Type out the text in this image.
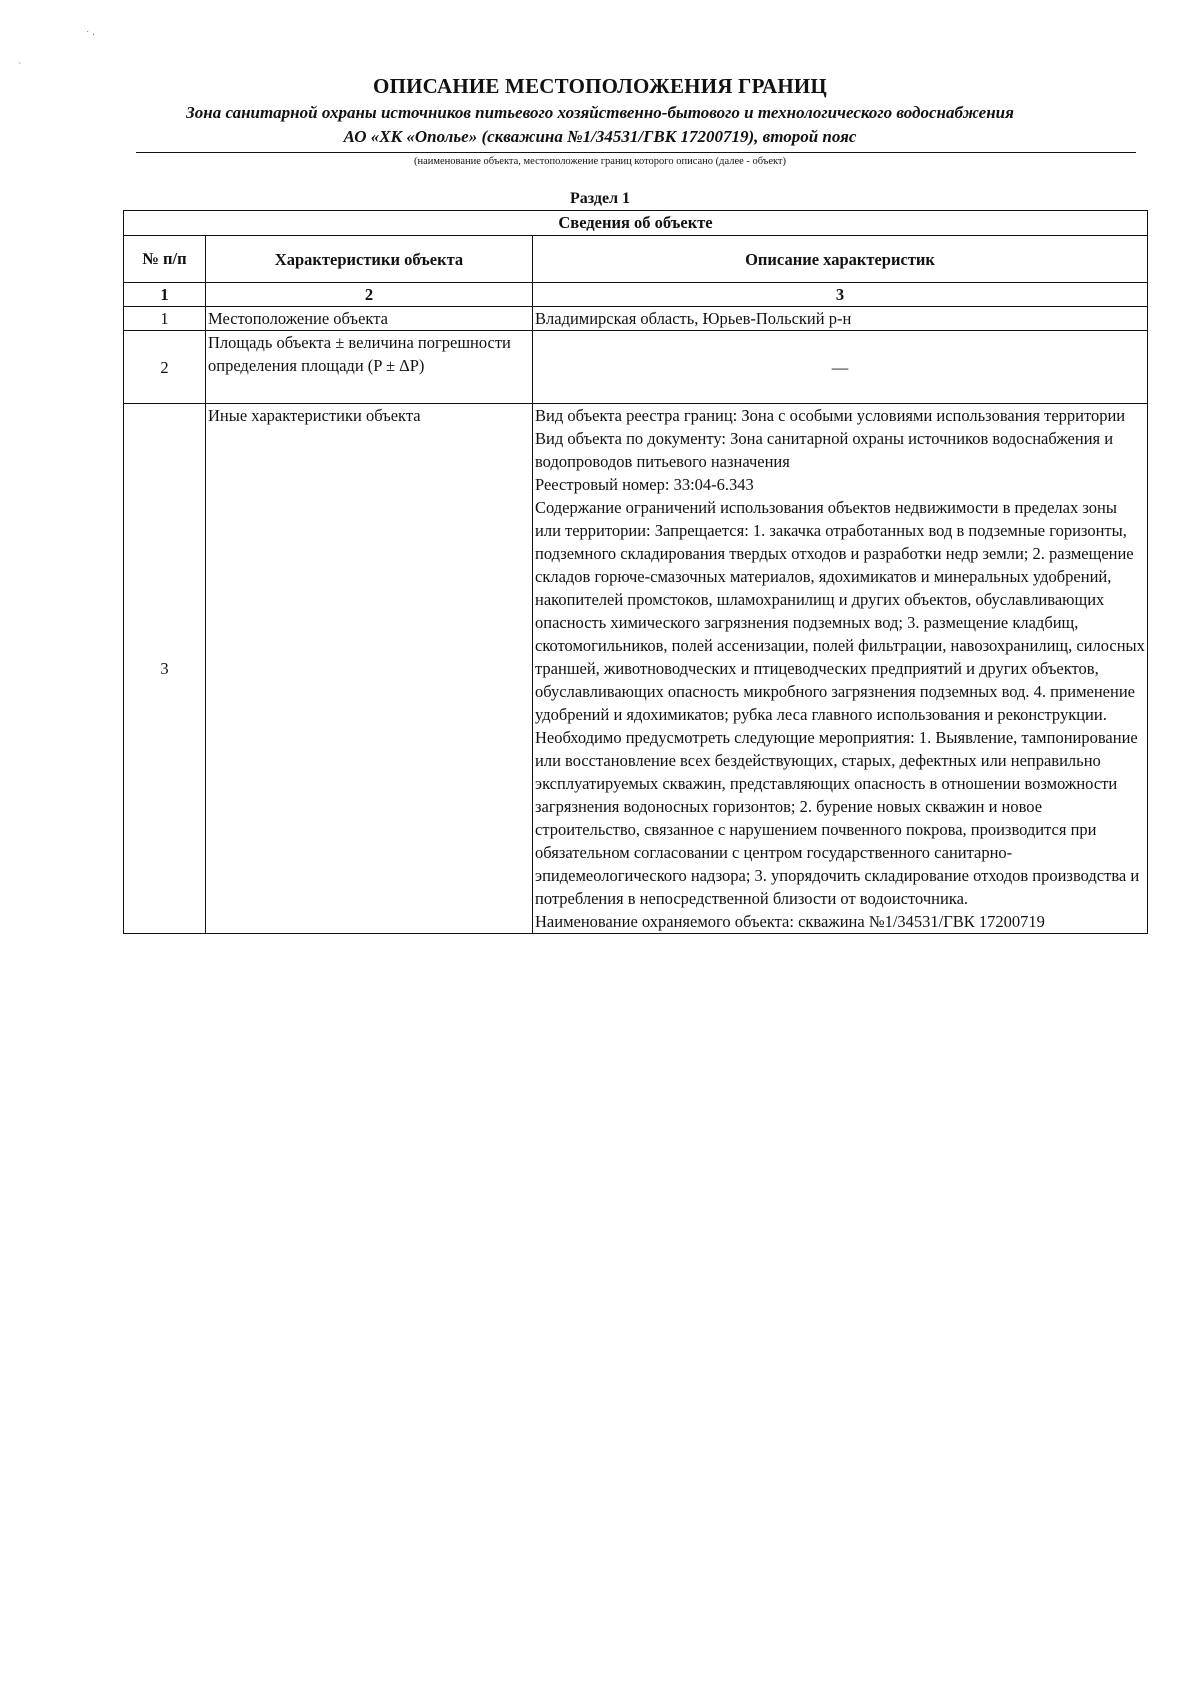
˙ ·
ˋ
ОПИСАНИЕ МЕСТОПОЛОЖЕНИЯ ГРАНИЦ
Зона санитарной охраны источников питьевого хозяйственно-бытового и технологического водоснабжения
АО «ХК «Ополье» (скважина №1/34531/ГВК 17200719), второй пояс
(наименование объекта, местоположение границ которого описано (далее - объект)
Раздел 1
Сведения об объекте		
№ п/п	Характеристики объекта	Описание характеристик
1	2	3
1	Местоположение объекта	Владимирская область, Юрьев-Польский р-н
2	Площадь объекта ± величина погрешности определения площади (P ± ΔP)	—
3	Иные характеристики объекта	Вид объекта реестра границ: Зона с особыми условиями использования территории
Вид объекта по документу: Зона санитарной охраны источников водоснабжения и водопроводов питьевого назначения
Реестровый номер: 33:04-6.343
Содержание ограничений использования объектов недвижимости в пределах зоны или территории: Запрещается: 1. закачка отработанных вод в подземные горизонты, подземного складирования твердых отходов и разработки недр земли; 2. размещение складов горюче-смазочных материалов, ядохимикатов и минеральных удобрений, накопителей промстоков, шламохранилищ и других объектов, обуславливающих опасность химического загрязнения подземных вод; 3. размещение кладбищ, скотомогильников, полей ассенизации, полей фильтрации, навозохранилищ, силосных траншей, животноводческих и птицеводческих предприятий и других объектов, обуславливающих опасность микробного загрязнения подземных вод. 4. применение удобрений и ядохимикатов; рубка леса главного использования и реконструкции. Необходимо предусмотреть следующие мероприятия: 1. Выявление, тампонирование или восстановление всех бездействующих, старых, дефектных или неправильно эксплуатируемых скважин, представляющих опасность в отношении возможности загрязнения водоносных горизонтов; 2. бурение новых скважин и новое строительство, связанное с нарушением почвенного покрова, производится при обязательном согласовании с центром государственного санитарно-эпидемеологического надзора; 3. упорядочить складирование отходов производства и потребления в непосредственной близости от водоисточника.
Наименование охраняемого объекта: скважина №1/34531/ГВК 17200719
